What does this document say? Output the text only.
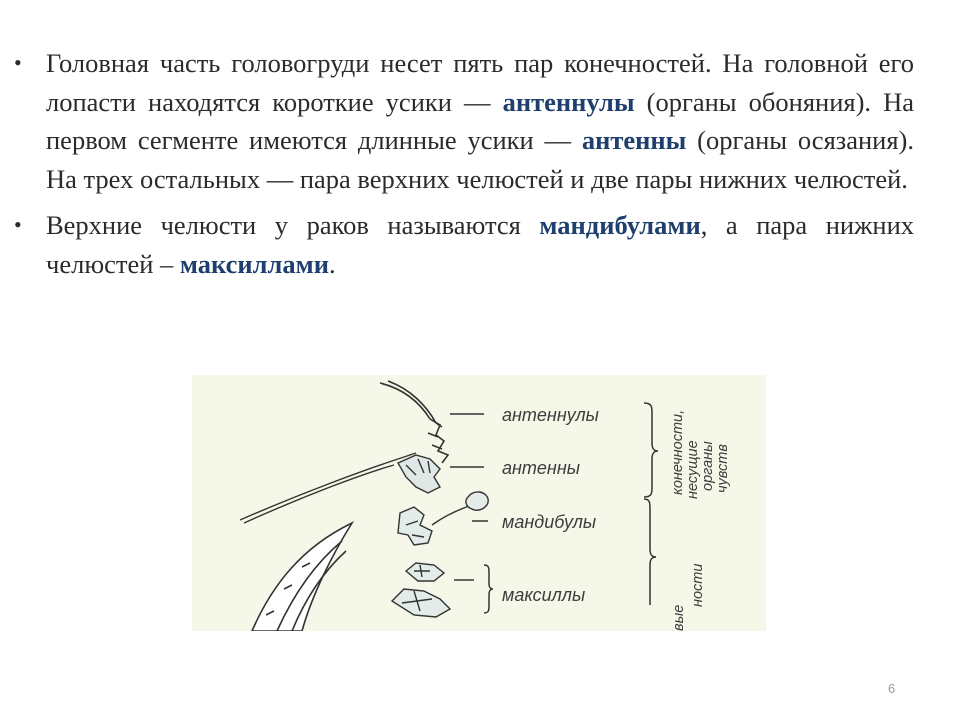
• Головная часть головогруди несет пять пар конечностей. На головной его лопасти находятся короткие усики — антеннулы (органы обоняния). На первом сегменте имеются длинные усики — антенны (органы осязания). На трех остальных — пара верхних челюстей и две пары нижних челюстей.
• Верхние челюсти у раков называются мандибулами, а пара нижних челюстей – максиллами.
антеннулы
антенны
мандибулы
максиллы
конечности, несущие органы чувств
вые
ности
6
